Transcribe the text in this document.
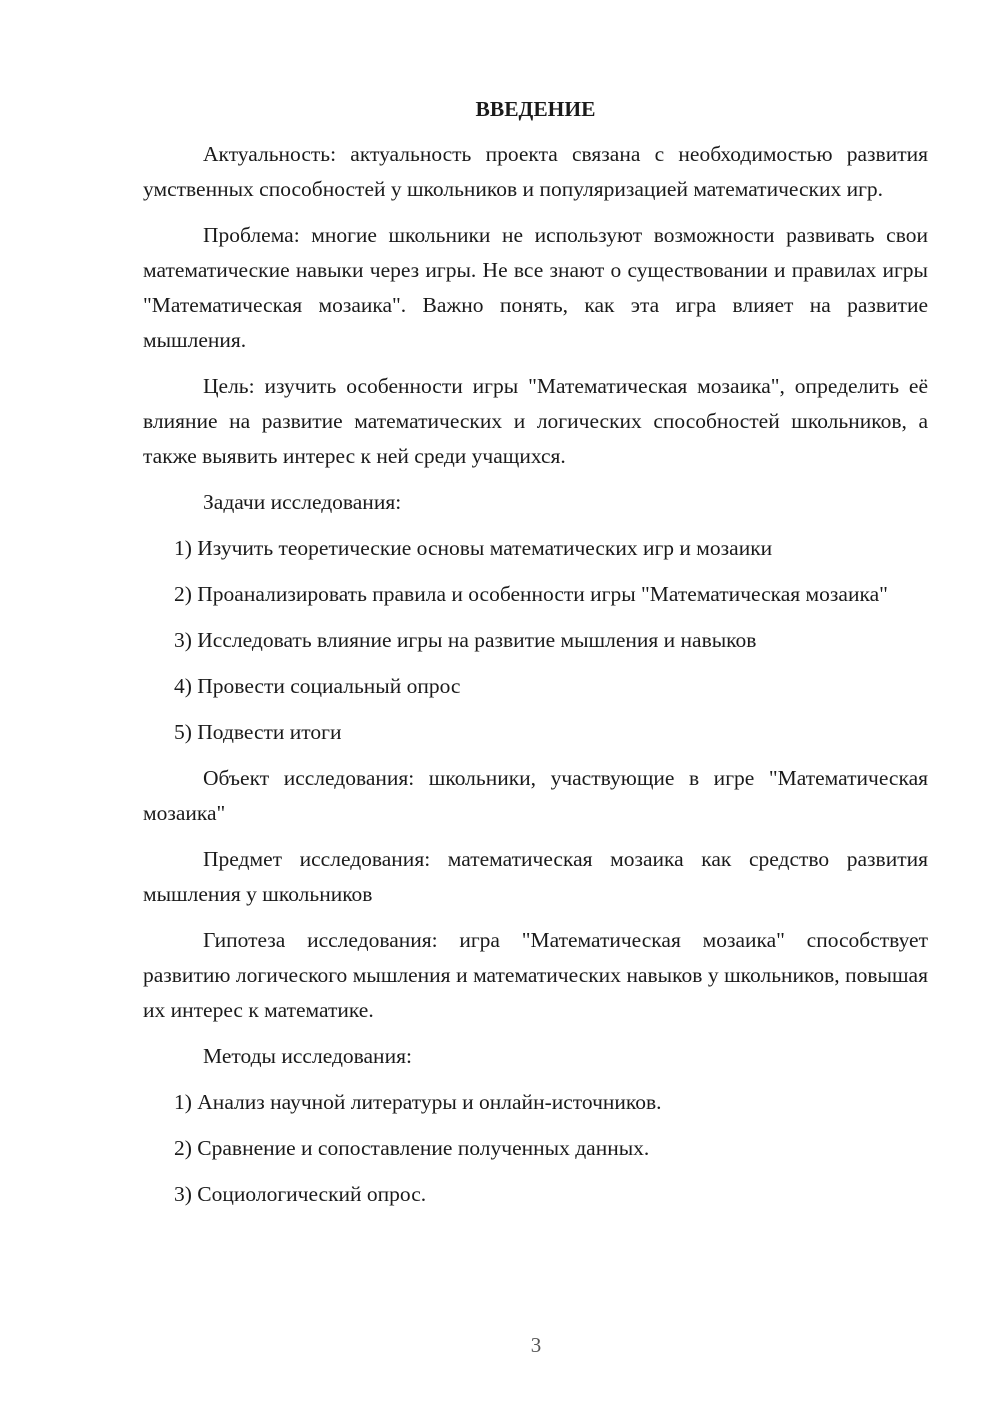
ВВЕДЕНИЕ

Актуальность: актуальность проекта связана с необходимостью развития умственных способностей у школьников и популяризацией математических игр.

Проблема: многие школьники не используют возможности развивать свои математические навыки через игры. Не все знают о существовании и правилах игры "Математическая мозаика". Важно понять, как эта игра влияет на развитие мышления.

Цель: изучить особенности игры "Математическая мозаика", определить её влияние на развитие математических и логических способностей школьников, а также выявить интерес к ней среди учащихся.

Задачи исследования:

1) Изучить теоретические основы математических игр и мозаики

2) Проанализировать правила и особенности игры "Математическая мозаика"

3) Исследовать влияние игры на развитие мышления и навыков

4) Провести социальный опрос

5) Подвести итоги

Объект исследования: школьники, участвующие в игре "Математическая мозаика"

Предмет исследования: математическая мозаика как средство развития мышления у школьников

Гипотеза исследования: игра "Математическая мозаика" способствует развитию логического мышления и математических навыков у школьников, повышая их интерес к математике.

Методы исследования:

1) Анализ научной литературы и онлайн-источников.

2) Сравнение и сопоставление полученных данных.

3) Социологический опрос.

3
